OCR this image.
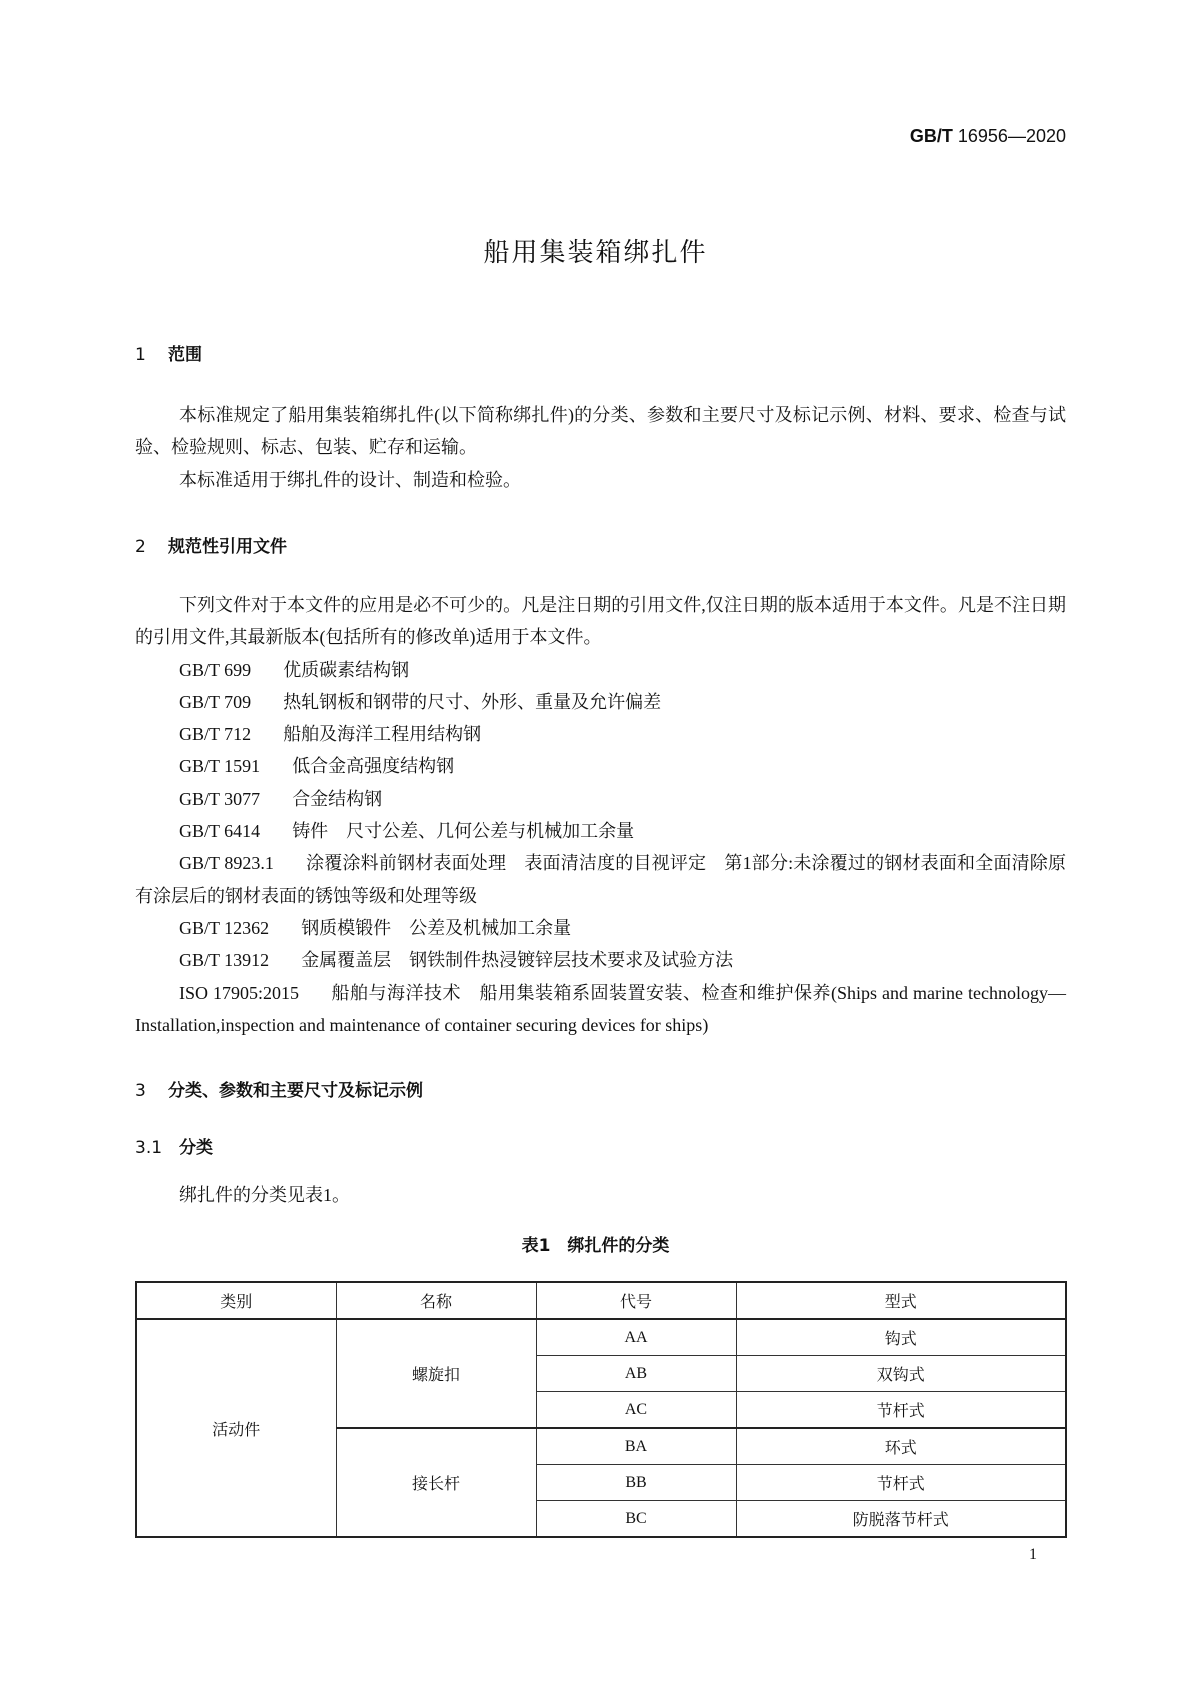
GB/T 16956—2020
船用集装箱绑扎件
1 范围

本标准规定了船用集装箱绑扎件(以下简称绑扎件)的分类、参数和主要尺寸及标记示例、材料、要求、检查与试验、检验规则、标志、包装、贮存和运输。

本标准适用于绑扎件的设计、制造和检验。

2 规范性引用文件

下列文件对于本文件的应用是必不可少的。凡是注日期的引用文件,仅注日期的版本适用于本文件。凡是不注日期的引用文件,其最新版本(包括所有的修改单)适用于本文件。

GB/T 699 优质碳素结构钢

GB/T 709 热轧钢板和钢带的尺寸、外形、重量及允许偏差

GB/T 712 船舶及海洋工程用结构钢

GB/T 1591 低合金高强度结构钢

GB/T 3077 合金结构钢

GB/T 6414 铸件　尺寸公差、几何公差与机械加工余量

GB/T 8923.1 涂覆涂料前钢材表面处理　表面清洁度的目视评定　第1部分:未涂覆过的钢材表面和全面清除原有涂层后的钢材表面的锈蚀等级和处理等级

GB/T 12362 钢质模锻件　公差及机械加工余量

GB/T 13912 金属覆盖层　钢铁制件热浸镀锌层技术要求及试验方法

ISO 17905:2015 船舶与海洋技术　船用集装箱系固装置安装、检查和维护保养(Ships and marine technology—Installation,inspection and maintenance of container securing devices for ships)

3 分类、参数和主要尺寸及标记示例
3.1 分类

绑扎件的分类见表1。

表1　绑扎件的分类
类别	名称	代号	型式
活动件	螺旋扣	AA	钩式
		AB	双钩式
		AC	节杆式
	接长杆	BA	环式
		BB	节杆式
		BC	防脱落节杆式
1
